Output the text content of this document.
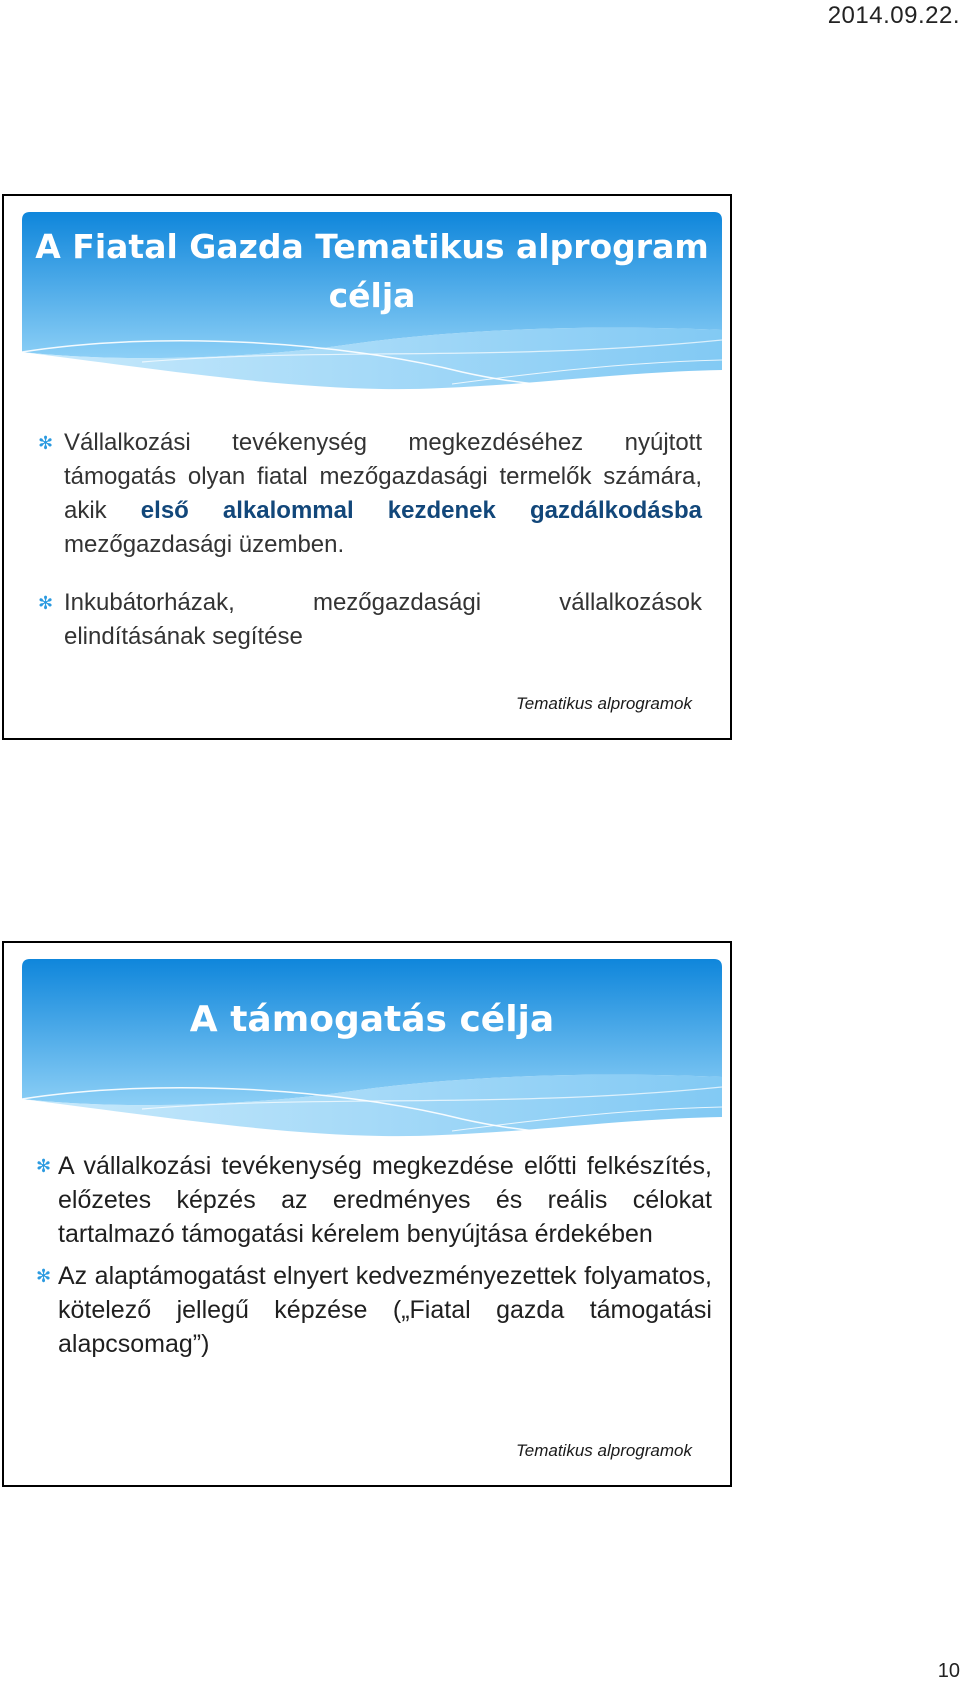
2014.09.22.
A Fiatal Gazda Tematikus alprogram célja

✻ Vállalkozási tevékenység megkezdéséhez nyújtott támogatás olyan fiatal mezőgazdasági termelők számára, akik első alkalommal kezdenek gazdálkodásba mezőgazdasági üzemben.

✻ Inkubátorházak, mezőgazdasági vállalkozások elindításának segítése

Tematikus alprogramok
A támogatás célja

✻ A vállalkozási tevékenység megkezdése előtti felkészítés, előzetes képzés az eredményes és reális célokat tartalmazó támogatási kérelem benyújtása érdekében

✻ Az alaptámogatást elnyert kedvezményezettek folyamatos, kötelező jellegű képzése („Fiatal gazda támogatási alapcsomag”)

Tematikus alprogramok
10
